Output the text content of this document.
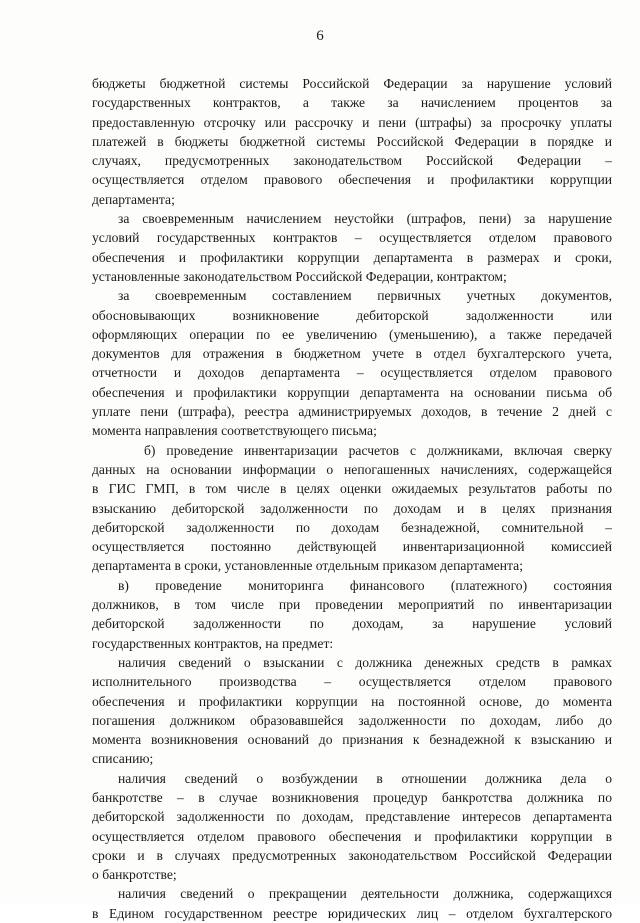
6
бюджеты бюджетной системы Российской Федерации за нарушение условий
государственных контрактов, а также за начислением процентов за
предоставленную отсрочку или рассрочку и пени (штрафы) за просрочку уплаты
платежей в бюджеты бюджетной системы Российской Федерации в порядке и
случаях, предусмотренных законодательством Российской Федерации –
осуществляется отделом правового обеспечения и профилактики коррупции
департамента;
за своевременным начислением неустойки (штрафов, пени) за нарушение
условий государственных контрактов – осуществляется отделом правового
обеспечения и профилактики коррупции департамента в размерах и сроки,
установленные законодательством Российской Федерации, контрактом;
за своевременным составлением первичных учетных документов,
обосновывающих возникновение дебиторской задолженности или
оформляющих операции по ее увеличению (уменьшению), а также передачей
документов для отражения в бюджетном учете в отдел бухгалтерского учета,
отчетности и доходов департамента – осуществляется отделом правового
обеспечения и профилактики коррупции департамента на основании письма об
уплате пени (штрафа), реестра администрируемых доходов, в течение 2 дней с
момента направления соответствующего письма;
б) проведение инвентаризации расчетов с должниками, включая сверку
данных на основании информации о непогашенных начислениях, содержащейся
в ГИС ГМП, в том числе в целях оценки ожидаемых результатов работы по
взысканию дебиторской задолженности по доходам и в целях признания
дебиторской задолженности по доходам безнадежной, сомнительной –
осуществляется постоянно действующей инвентаризационной комиссией
департамента в сроки, установленные отдельным приказом департамента;
в) проведение мониторинга финансового (платежного) состояния
должников, в том числе при проведении мероприятий по инвентаризации
дебиторской задолженности по доходам, за нарушение условий
государственных контрактов, на предмет:
наличия сведений о взыскании с должника денежных средств в рамках
исполнительного производства – осуществляется отделом правового
обеспечения и профилактики коррупции на постоянной основе, до момента
погашения должником образовавшейся задолженности по доходам, либо до
момента возникновения оснований до признания к безнадежной к взысканию и
списанию;
наличия сведений о возбуждении в отношении должника дела о
банкротстве – в случае возникновения процедур банкротства должника по
дебиторской задолженности по доходам, представление интересов департамента
осуществляется отделом правового обеспечения и профилактики коррупции в
сроки и в случаях предусмотренных законодательством Российской Федерации
о банкротстве;
наличия сведений о прекращении деятельности должника, содержащихся
в Едином государственном реестре юридических лиц – отделом бухгалтерского
